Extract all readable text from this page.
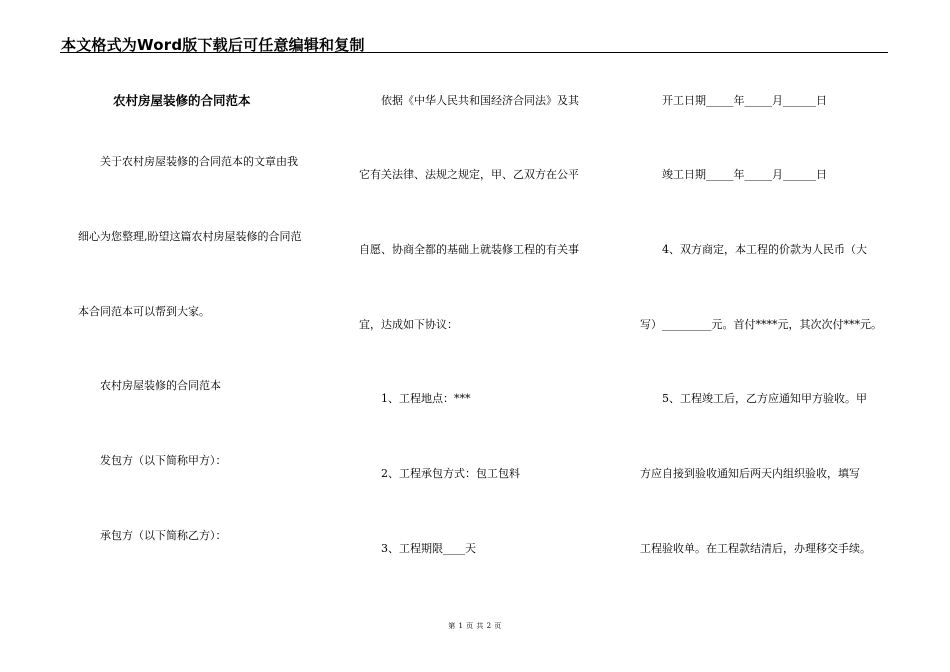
本文格式为Word版下载后可任意编辑和复制
农村房屋装修的合同范本
关于农村房屋装修的合同范本的文章由我
细心为您整理,盼望这篇农村房屋装修的合同范
本合同范本可以帮到大家。
农村房屋装修的合同范本
发包方（以下简称甲方）：
承包方（以下简称乙方）：
依据《中华人民共和国经济合同法》及其
它有关法律、法规之规定，甲、乙双方在公平
自愿、协商全都的基础上就装修工程的有关事
宜，达成如下协议：
1、工程地点：***
2、工程承包方式：包工包料
3、工程期限____天
开工日期_____年_____月______日
竣工日期_____年_____月______日
4、双方商定，本工程的价款为人民币（大
写）_________元。首付****元，其次次付***元。
5、工程竣工后，乙方应通知甲方验收。甲
方应自接到验收通知后两天内组织验收，填写
工程验收单。在工程款结清后，办理移交手续。
第 1 页 共 2 页
